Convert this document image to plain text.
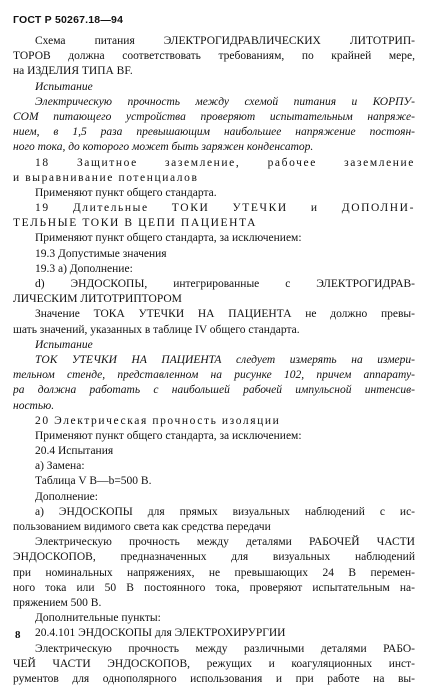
ГОСТ Р 50267.18—94
Схема питания ЭЛЕКТРОГИДРАВЛИЧЕСКИХ ЛИТОТРИП-
ТОРОВ должна соответствовать требованиям, по крайней мере,
на ИЗДЕЛИЯ ТИПА BF.
Испытание
Электрическую прочность между схемой питания и КОРПУ-
СОМ питающего устройства проверяют испытательным напряже-
нием, в 1,5 раза превышающим наибольшее напряжение постоян-
ного тока, до которого может быть заряжен конденсатор.
18 Защитное заземление, рабочее заземление
и выравнивание потенциалов
Применяют пункт общего стандарта.
19 Длительные ТОКИ УТЕЧКИ и ДОПОЛНИ-
ТЕЛЬНЫЕ ТОКИ В ЦЕПИ ПАЦИЕНТА
Применяют пункт общего стандарта, за исключением:
19.3 Допустимые значения
19.3 а) Дополнение:
d) ЭНДОСКОПЫ, интегрированные с ЭЛЕКТРОГИДРАВ-
ЛИЧЕСКИМ ЛИТОТРИПТОРОМ
Значение ТОКА УТЕЧКИ НА ПАЦИЕНТА не должно превы-
шать значений, указанных в таблице IV общего стандарта.
Испытание
ТОК УТЕЧКИ НА ПАЦИЕНТА следует измерять на измери-
тельном стенде, представленном на рисунке 102, причем аппарату-
ра должна работать с наибольшей рабочей импульсной интенсив-
ностью.
20 Электрическая прочность изоляции
Применяют пункт общего стандарта, за исключением:
20.4 Испытания
а) Замена:
Таблица V В—b=500 В.
Дополнение:
а) ЭНДОСКОПЫ для прямых визуальных наблюдений с ис-
пользованием видимого света как средства передачи
Электрическую прочность между деталями РАБОЧЕЙ ЧАСТИ
ЭНДОСКОПОВ, предназначенных для визуальных наблюдений
при номинальных напряжениях, не превышающих 24 В перемен-
ного тока или 50 В постоянного тока, проверяют испытательным на-
пряжением 500 В.
Дополнительные пункты:
20.4.101 ЭНДОСКОПЫ для ЭЛЕКТРОХИРУРГИИ
Электрическую прочность между различными деталями РАБО-
ЧЕЙ ЧАСТИ ЭНДОСКОПОВ, режущих и коагуляционных инст-
рументов для однополярного использования и при работе на вы-
8
